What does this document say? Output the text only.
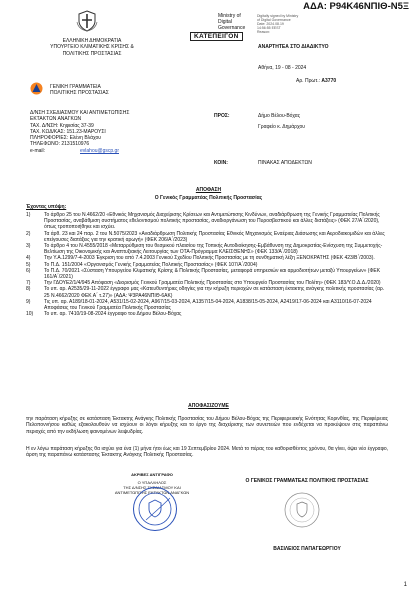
ΑΔΑ: Ρ94Κ46ΝΠΙΘ-Ν5Ξ
Ministry of
Digital
Governance
Digitally signed by Ministry
of Digital Governance
Date: 2024.08.19
14:56:55 EEST
Reason:
ΚΑΤΕΠΕΙΓΟΝ
ΕΛΛΗΝΙΚΗ ΔΗΜΟΚΡΑΤΙΑ
ΥΠΟΥΡΓΕΙΟ ΚΛΙΜΑΤΙΚΗΣ ΚΡΙΣΗΣ &
ΠΟΛΙΤΙΚΗΣ ΠΡΟΣΤΑΣΙΑΣ
ΓΕΝΙΚΗ ΓΡΑΜΜΑΤΕΙΑ
ΠΟΛΙΤΙΚΗΣ ΠΡΟΣΤΑΣΙΑΣ
Δ/ΝΣΗ ΣΧΕΔΙΑΣΜΟΥ ΚΑΙ ΑΝΤΙΜΕΤΩΠΙΣΗΣ
ΕΚΤΑΚΤΩΝ ΑΝΑΓΚΩΝ
ΤΑΧ. Δ/ΝΣΗ: Κηφισίας 37-39
ΤΑΧ. ΚΩΔ/ΚΑΣ: 151.23-ΜΑΡΟΥΣΙ
ΠΛΗΡΟΦΟΡΙΕΣ: Ελένη Βλάχου
ΤΗΛΕΦΩΝΟ: 2131510976
e-mail:	evlahou@gscp.gr
ΑΝΑΡΤΗΤΕΑ ΣΤΟ ΔΙΑΔΙΚΤΥΟ
Αθήνα, 19 - 08 - 2024
Αρ. Πρωτ.: Α3770
ΠΡΟΣ:	Δήμο Βέλου-Βόχας
Γραφείο κ. Δημάρχου
ΚΟΙΝ:	ΠΙΝΑΚΑΣ ΑΠΟΔΕΚΤΩΝ
ΑΠΟΦΑΣΗ
Ο Γενικός Γραμματέας Πολιτικής Προστασίας
Έχοντας υπόψη:
1)	Το άρθρο 25 του Ν.4662/20 «Εθνικός Μηχανισμός Διαχείρισης Κρίσεων και Αντιμετώπισης Κινδύνων, αναδιάρθρωση της Γενικής Γραμματείας Πολιτικής Προστασίας, αναβάθμιση συστήματος εθελοντισμού πολιτικής προστασίας, αναδιοργάνωση του Πυροσβεστικού και άλλες διατάξεις» (ΦΕΚ 27/Α΄/2020), όπως τροποποιήθηκε και ισχύει.
2)	Τα άρθ. 23 και 24 παρ. 2 του Ν.5075/2023 «Αναδιάρθρωση Πολιτικής Προστασίας Εθνικός Μηχανισμός Εναέριας Διάσωσης και Αεροδιακομιδών και άλλες επείγουσες διατάξεις για την κρατική αρωγή» (ΦΕΚ 206/Α΄/2023)
3)	Το άρθρο 4 του Ν.4555/2018 «Μεταρρύθμιση του θεσμικού πλαισίου της Τοπικής Αυτοδιοίκησης-Εμβάθυνση της Δημοκρατίας-Ενίσχυση της Συμμετοχής-Βελτίωση της Οικονομικής και Αναπτυξιακής Λειτουργίας των ΟΤΑ-Πρόγραμμα ΚΛΕΙΣΘΕΝΗΣ» (ΦΕΚ 133/Α΄/2018)
4)	Την Υ.Α.1299/7-4-2003 Έγκριση του από 7.4.2003 Γενικού Σχεδίου Πολιτικής Προστασίας με τη συνθηματική λέξη ΞΕΝΟΚΡΑΤΗΣ (ΦΕΚ 423/Β΄/2003).
5)	Το Π.Δ. 151/2004 «Οργανισμός Γενικής Γραμματείας Πολιτικής Προστασίας» (ΦΕΚ 107/Α΄/2004)
6)	Το Π.Δ. 70/2021 «Σύσταση Υπουργείου Κλιματικής Κρίσης & Πολιτικής Προστασίας, μεταφορά υπηρεσιών και αρμοδιοτήτων μεταξύ Υπουργείων» (ΦΕΚ 161/Α΄/2021)
7)	Την ΓΔΟΥΕ2/1/4/945 Απόφαση «Διορισμός Γενικού Γραμματέα Πολιτικής Προστασίας στο Υπουργείο Προστασίας του Πολίτη» (ΦΕΚ 183/Υ.Ο.Δ.Δ./2020)
8)	Το υπ. αρ. Α2535/29-11-2022 έγγραφο μας «Κατευθυντήριες οδηγίες για την κήρυξη περιοχών σε κατάσταση έκτακτης ανάγκης πολιτικής προστασίας (αρ. 25 Ν.4662/2020 ΦΕΚ Α΄ τ.27)» (ΑΔΑ: Ψ3ΡΑ46ΝΠΙΘ-6ΑΚ)
9)	Τις υπ. αρ. Α189/18-01-2024, Α531/15-02-2024, Α967/15-03-2024, Α1357/15-04-2024, Α1838/15-05-2024, Α2419/17-06-2024 και Α3110/16-07-2024 Αποφάσεις του Γενικού Γραμματέα Πολιτικής Προστασίας
10) Το υπ. αρ. 7410/19-08-2024 έγγραφο του Δήμου Βέλου-Βόχας
ΑΠΟΦΑΣΙΖΟΥΜΕ
την παράταση κήρυξης σε κατάσταση Έκτακτης Ανάγκης Πολιτικής Προστασίας του Δήμου Βέλου-Βόχας της Περιφερειακής Ενότητας Κορινθίας, της Περιφέρειας Πελοποννήσου καθώς εξακολουθούν να ισχύουν οι λόγοι κήρυξης και το έργο της διαχείρισης των συνεπειών που ενδέχεται να προκύψουν στις παραπάνω περιοχές από την εκδήλωση φαινομένων λειψυδρίας.
Η εν λόγω παράταση κήρυξης θα ισχύει για ένα (1) μήνα ήτοι έως και 19 Σεπτεμβρίου 2024. Μετά το πέρας του καθορισθέντος χρόνου, θα γίνει, όψει νέο έγγραφο, άρση της παραπάνω κατάστασης Έκτακτης Ανάγκης Πολιτικής Προστασίας.
ΑΚΡΙΒΕΣ ΑΝΤΙΓΡΑΦΟ
Ο ΥΠΑΛΛΗΛΟΣ
ΤΗΣ Δ/ΝΣΗΣ ΣΧΕΔΙΑΣΜΟΥ ΚΑΙ
ΑΝΤΙΜΕΤΩΠΙΣΗΣ ΕΚΤΑΚΤΩΝ ΑΝΑΓΚΩΝ
Ο ΓΕΝΙΚΟΣ ΓΡΑΜΜΑΤΕΑΣ ΠΟΛΙΤΙΚΗΣ ΠΡΟΣΤΑΣΙΑΣ
ΒΑΣΙΛΕΙΟΣ ΠΑΠΑΓΕΩΡΓΙΟΥ
1
